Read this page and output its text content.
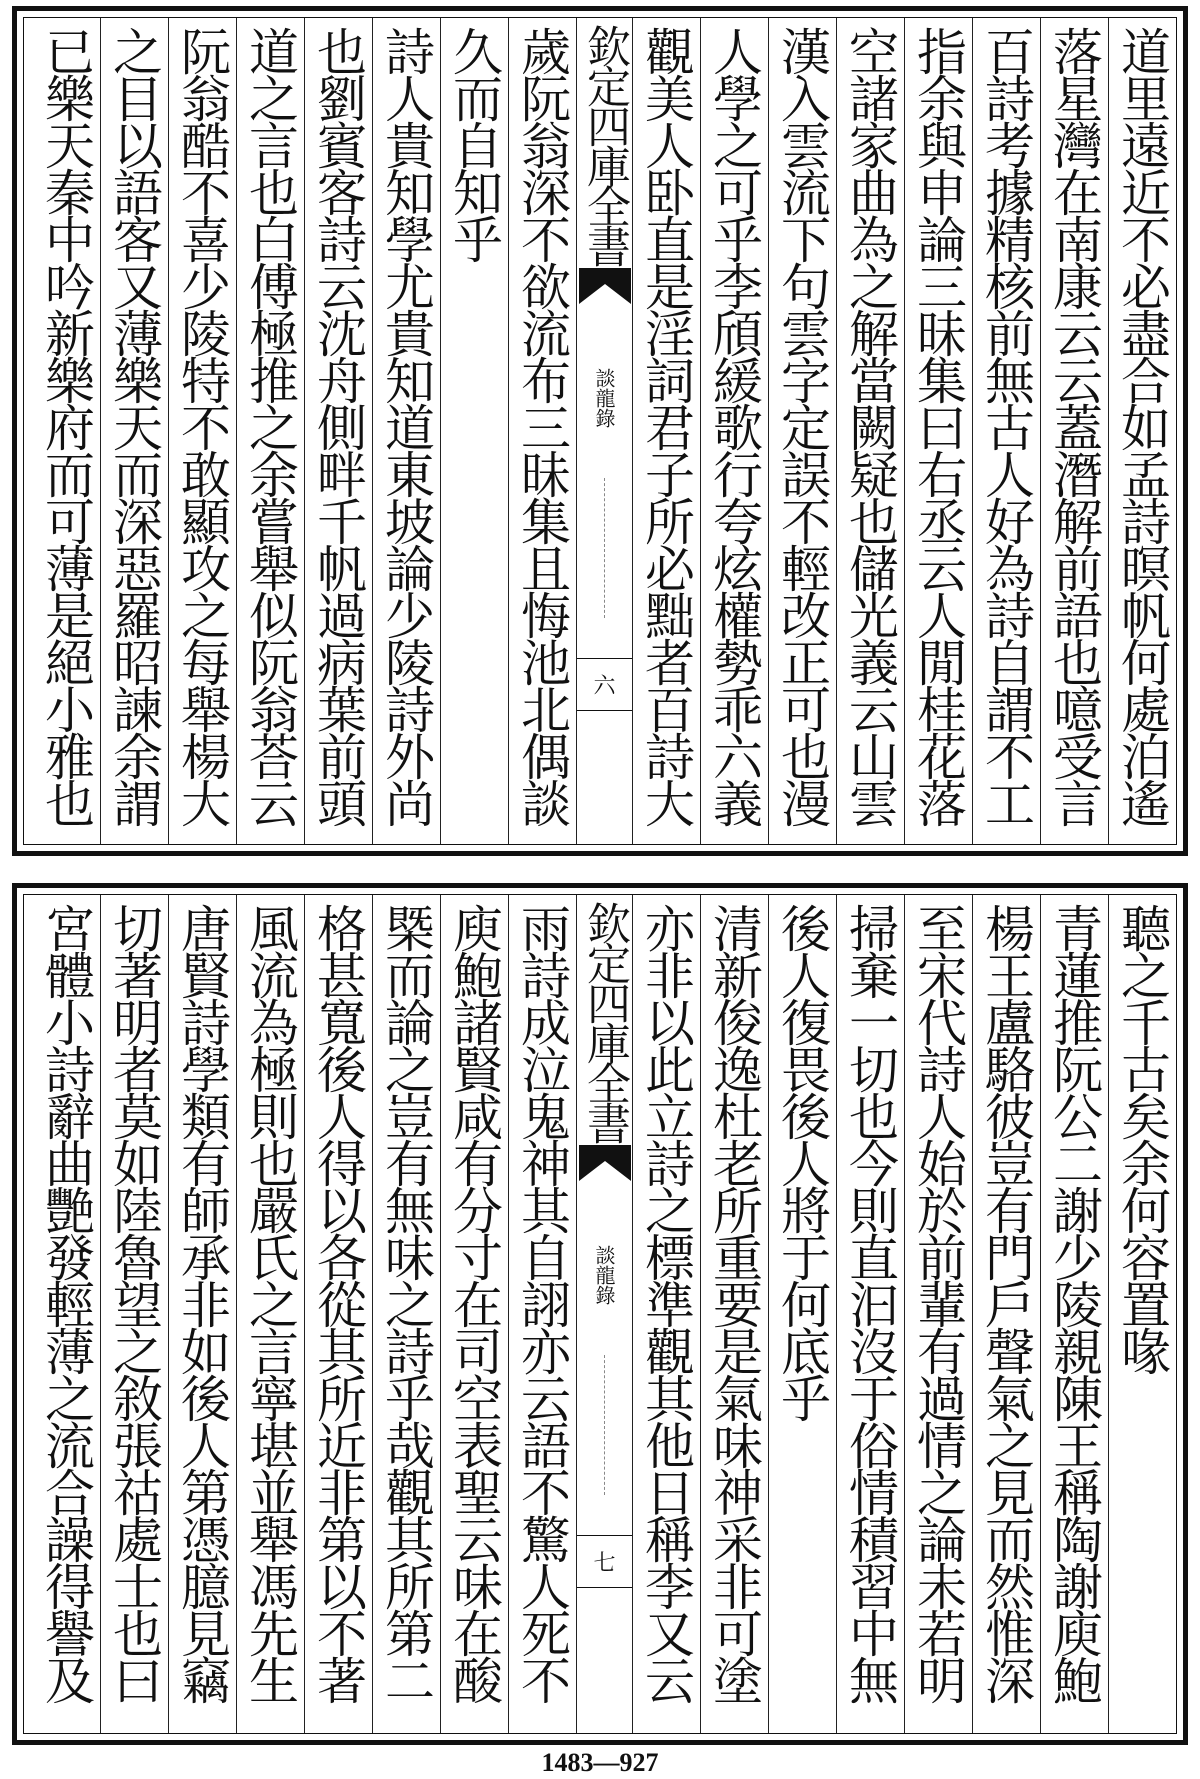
道里遠近不必盡合如孟詩暝帆何處泊遙
落星灣在南康云云蓋潛解前語也噫受言
百詩考據精核前無古人好為詩自謂不工
指余與申論三昧集曰右丞云人閒桂花落
空諸家曲為之解當闕疑也儲光義云山雲
漢入雲流下句雲字定誤不輕改正可也漫
人學之可乎李頎緩歌行夸炫權勢乖六義
觀美人卧直是淫詞君子所必黜者百詩大
欽定四庫全書
談龍錄
六
歲阮翁深不欲流布三昧集且悔池北偶談
久而自知乎
詩人貴知學尤貴知道東坡論少陵詩外尚
也劉賓客詩云沈舟側畔千帆過病葉前頭
道之言也白傅極推之余嘗舉似阮翁荅云
阮翁酷不喜少陵特不敢顯攻之每舉楊大
之目以語客又薄樂天而深惡羅昭諫余謂
已樂天秦中吟新樂府而可薄是絕小雅也
聽之千古矣余何容置喙
青蓮推阮公二謝少陵親陳王稱陶謝庾鮑
楊王盧駱彼豈有門戶聲氣之見而然惟深
至宋代詩人始於前輩有過情之論未若明
掃棄一切也今則直汩沒于俗情積習中無
後人復畏後人將于何底乎
清新俊逸杜老所重要是氣味神采非可塗
亦非以此立詩之標準觀其他日稱李又云
欽定四庫全書
談龍錄
七
雨詩成泣鬼神其自詡亦云語不驚人死不
庾鮑諸賢咸有分寸在司空表聖云味在酸
槩而論之豈有無味之詩乎哉觀其所第二
格甚寬後人得以各從其所近非第以不著
風流為極則也嚴氏之言寧堪並舉馮先生
唐賢詩學類有師承非如後人第憑臆見竊
切著明者莫如陸魯望之敘張祜處士也曰
宮體小詩辭曲艷發輕薄之流合譟得譽及
1483—927
